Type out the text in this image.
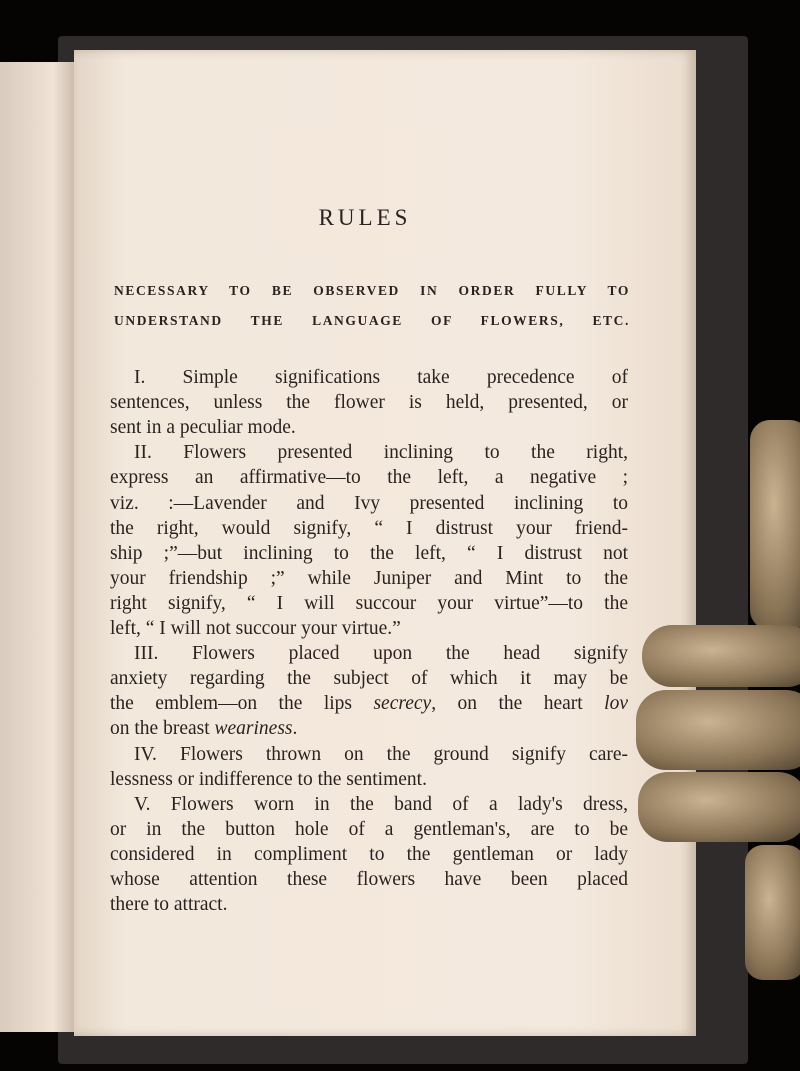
RULES
NECESSARY TO BE OBSERVED IN ORDER FULLY TO
UNDERSTAND THE LANGUAGE OF FLOWERS, ETC.
I. Simple significations take precedence of
sentences, unless the flower is held, presented, or
sent in a peculiar mode.
II. Flowers presented inclining to the right,
express an affirmative—to the left, a negative ;
viz. :—Lavender and Ivy presented inclining to
the right, would signify, “ I distrust your friend-
ship ;”—but inclining to the left, “ I distrust not
your friendship ;” while Juniper and Mint to the
right signify, “ I will succour your virtue”—to the
left, “ I will not succour your virtue.”
III. Flowers placed upon the head signify
anxiety regarding the subject of which it may be
the emblem—on the lips secrecy, on the heart lov
on the breast weariness.
IV. Flowers thrown on the ground signify care-
lessness or indifference to the sentiment.
V. Flowers worn in the band of a lady's dress,
or in the button hole of a gentleman's, are to be
considered in compliment to the gentleman or lady
whose attention these flowers have been placed
there to attract.
